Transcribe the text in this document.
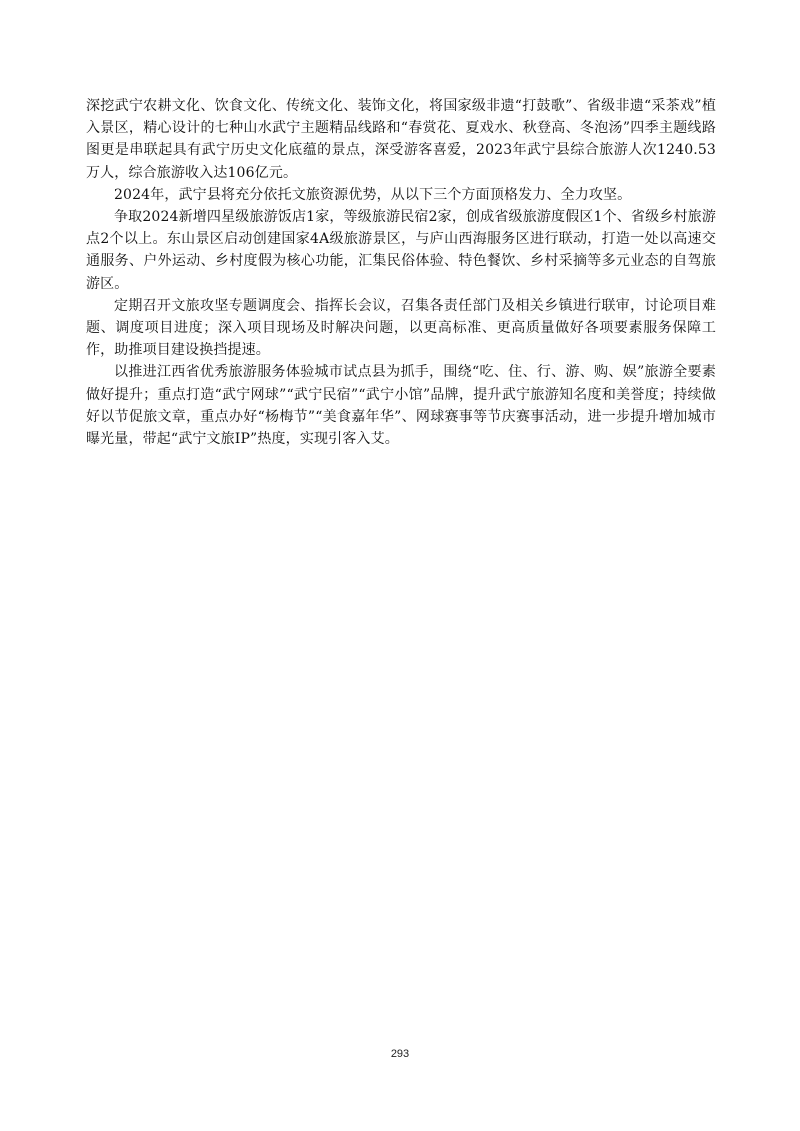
深挖武宁农耕文化、饮食文化、传统文化、装饰文化，将国家级非遗“打鼓歌”、省级非遗“采茶戏”植入景区，精心设计的七种山水武宁主题精品线路和“春赏花、夏戏水、秋登高、冬泡汤”四季主题线路图更是串联起具有武宁历史文化底蕴的景点，深受游客喜爱，2023年武宁县综合旅游人次1240.53万人，综合旅游收入达106亿元。

2024年，武宁县将充分依托文旅资源优势，从以下三个方面顶格发力、全力攻坚。

争取2024新增四星级旅游饭店1家，等级旅游民宿2家，创成省级旅游度假区1个、省级乡村旅游点2个以上。东山景区启动创建国家4A级旅游景区，与庐山西海服务区进行联动，打造一处以高速交通服务、户外运动、乡村度假为核心功能，汇集民俗体验、特色餐饮、乡村采摘等多元业态的自驾旅游区。

定期召开文旅攻坚专题调度会、指挥长会议，召集各责任部门及相关乡镇进行联审，讨论项目难题、调度项目进度；深入项目现场及时解决问题，以更高标准、更高质量做好各项要素服务保障工作，助推项目建设换挡提速。

以推进江西省优秀旅游服务体验城市试点县为抓手，围绕“吃、住、行、游、购、娱”旅游全要素做好提升；重点打造“武宁网球”“武宁民宿”“武宁小馆”品牌，提升武宁旅游知名度和美誉度；持续做好以节促旅文章，重点办好“杨梅节”“美食嘉年华”、网球赛事等节庆赛事活动，进一步提升增加城市曝光量，带起“武宁文旅IP”热度，实现引客入艾。

293
